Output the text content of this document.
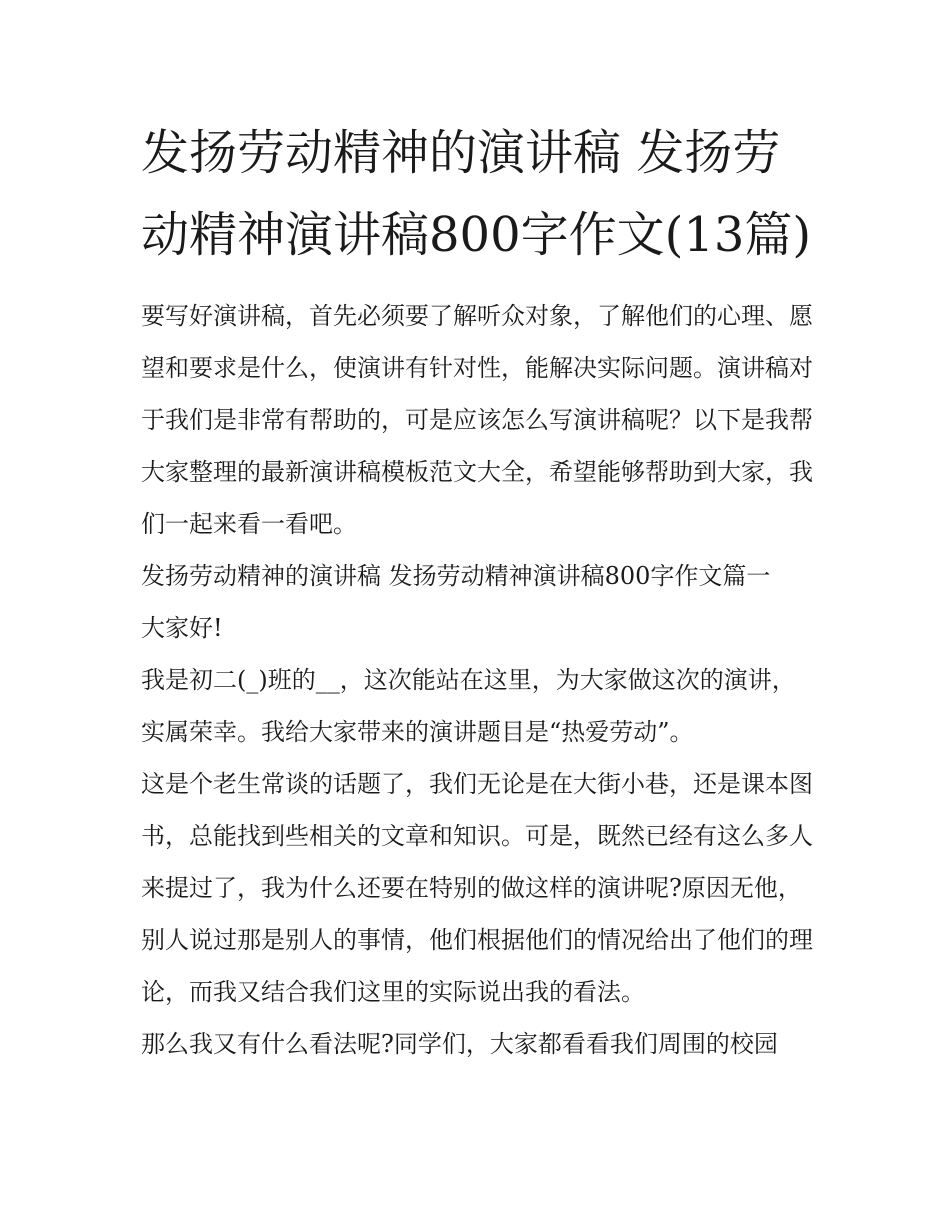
发扬劳动精神的演讲稿 发扬劳动精神演讲稿800字作文(13篇)

要写好演讲稿，首先必须要了解听众对象，了解他们的心理、愿望和要求是什么，使演讲有针对性，能解决实际问题。演讲稿对于我们是非常有帮助的，可是应该怎么写演讲稿呢？以下是我帮大家整理的最新演讲稿模板范文大全，希望能够帮助到大家，我们一起来看一看吧。

发扬劳动精神的演讲稿 发扬劳动精神演讲稿800字作文篇一

大家好!

我是初二(_)班的__，这次能站在这里，为大家做这次的演讲，实属荣幸。我给大家带来的演讲题目是“热爱劳动”。

这是个老生常谈的话题了，我们无论是在大街小巷，还是课本图书，总能找到些相关的文章和知识。可是，既然已经有这么多人来提过了，我为什么还要在特别的做这样的演讲呢?原因无他，别人说过那是别人的事情，他们根据他们的情况给出了他们的理论，而我又结合我们这里的实际说出我的看法。

那么我又有什么看法呢?同学们，大家都看看我们周围的校园
